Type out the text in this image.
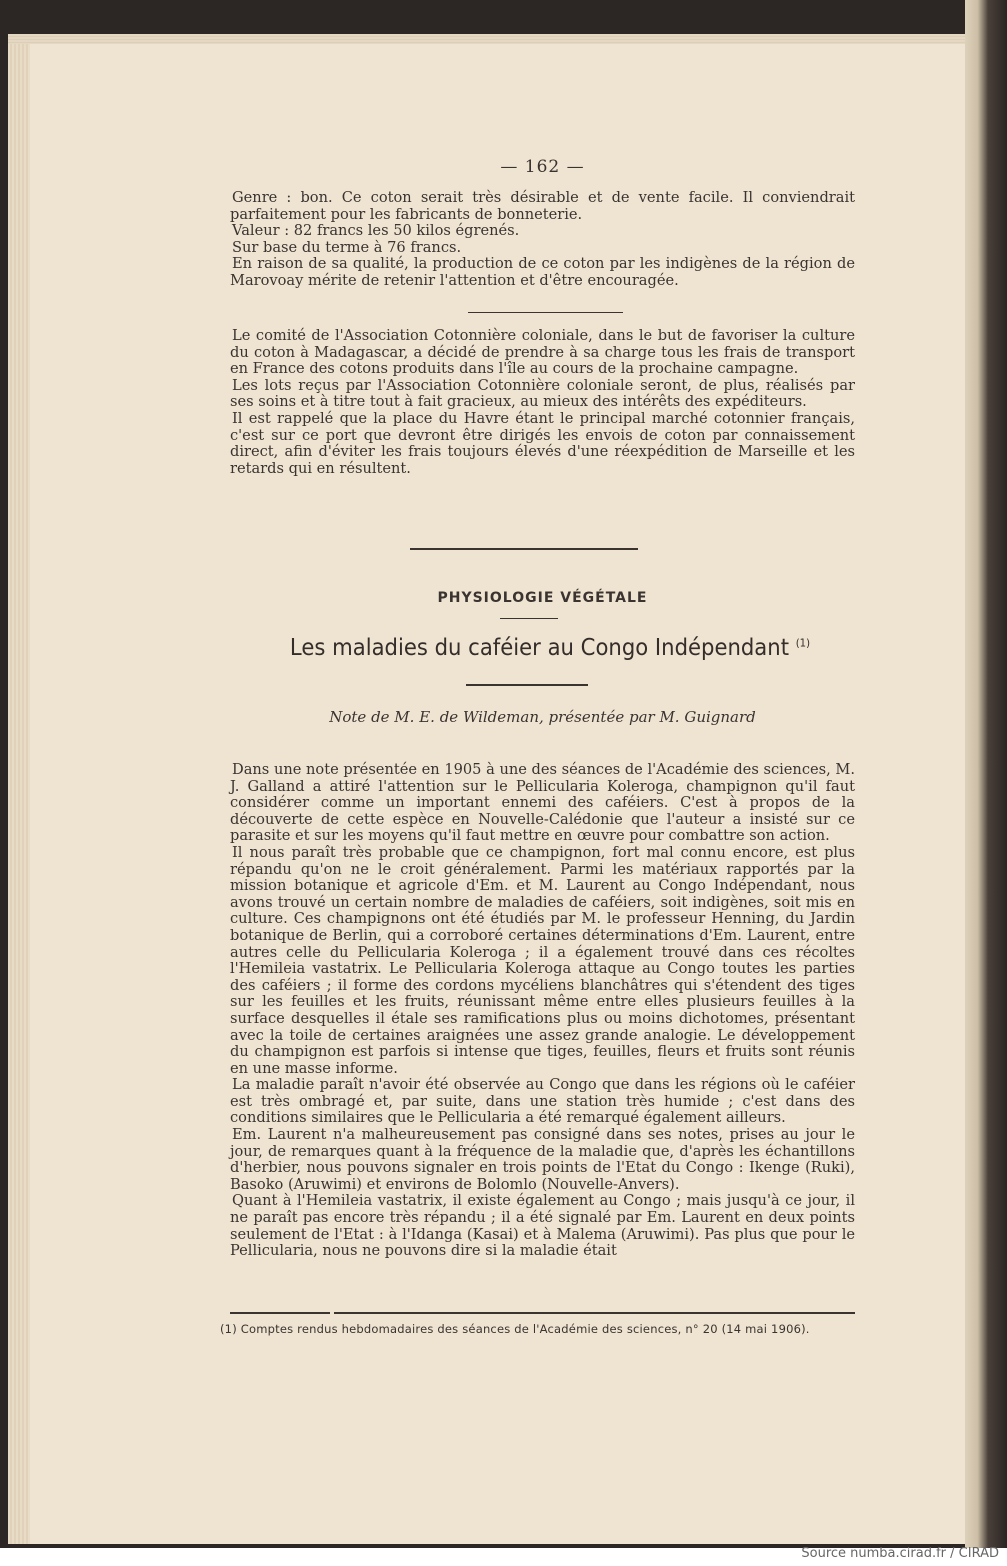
— 162 —

Genre : bon. Ce coton serait très désirable et de vente facile. Il conviendrait parfaitement pour les fabricants de bonneterie.

Valeur : 82 francs les 50 kilos égrenés.

Sur base du terme à 76 francs.

En raison de sa qualité, la production de ce coton par les indigènes de la région de Marovoay mérite de retenir l'attention et d'être encouragée.

Le comité de l'Association Cotonnière coloniale, dans le but de favoriser la culture du coton à Madagascar, a décidé de prendre à sa charge tous les frais de transport en France des cotons produits dans l'île au cours de la prochaine campagne.

Les lots reçus par l'Association Cotonnière coloniale seront, de plus, réalisés par ses soins et à titre tout à fait gracieux, au mieux des intérêts des expéditeurs.

Il est rappelé que la place du Havre étant le principal marché cotonnier français, c'est sur ce port que devront être dirigés les envois de coton par connaissement direct, afin d'éviter les frais toujours élevés d'une réexpédition de Marseille et les retards qui en résultent.

PHYSIOLOGIE VÉGÉTALE
Les maladies du caféier au Congo Indépendant $^{(1)}$
Note de M. E. de Wildeman, présentée par M. Guignard

Dans une note présentée en 1905 à une des séances de l'Académie des sciences, M. J. Galland a attiré l'attention sur le Pellicularia Koleroga, champignon qu'il faut considérer comme un important ennemi des caféiers. C'est à propos de la découverte de cette espèce en Nouvelle-Calédonie que l'auteur a insisté sur ce parasite et sur les moyens qu'il faut mettre en œuvre pour combattre son action.

Il nous paraît très probable que ce champignon, fort mal connu encore, est plus répandu qu'on ne le croit généralement. Parmi les matériaux rapportés par la mission botanique et agricole d'Em. et M. Laurent au Congo Indépendant, nous avons trouvé un certain nombre de maladies de caféiers, soit indigènes, soit mis en culture. Ces champignons ont été étudiés par M. le professeur Henning, du Jardin botanique de Berlin, qui a corroboré certaines déterminations d'Em. Laurent, entre autres celle du Pellicularia Koleroga ; il a également trouvé dans ces récoltes l'Hemileia vastatrix. Le Pellicularia Koleroga attaque au Congo toutes les parties des caféiers ; il forme des cordons mycéliens blanchâtres qui s'étendent des tiges sur les feuilles et les fruits, réunissant même entre elles plusieurs feuilles à la surface desquelles il étale ses ramifications plus ou moins dichotomes, présentant avec la toile de certaines araignées une assez grande analogie. Le développement du champignon est parfois si intense que tiges, feuilles, fleurs et fruits sont réunis en une masse informe.

La maladie paraît n'avoir été observée au Congo que dans les régions où le caféier est très ombragé et, par suite, dans une station très humide ; c'est dans des conditions similaires que le Pellicularia a été remarqué également ailleurs.

Em. Laurent n'a malheureusement pas consigné dans ses notes, prises au jour le jour, de remarques quant à la fréquence de la maladie que, d'après les échantillons d'herbier, nous pouvons signaler en trois points de l'Etat du Congo : Ikenge (Ruki), Basoko (Aruwimi) et environs de Bolomlo (Nouvelle-Anvers).

Quant à l'Hemileia vastatrix, il existe également au Congo ; mais jusqu'à ce jour, il ne paraît pas encore très répandu ; il a été signalé par Em. Laurent en deux points seulement de l'Etat : à l'Idanga (Kasai) et à Malema (Aruwimi). Pas plus que pour le Pellicularia, nous ne pouvons dire si la maladie était

(1) Comptes rendus hebdomadaires des séances de l'Académie des sciences, n° 20 (14 mai 1906).
Source numba.cirad.fr / CIRAD
